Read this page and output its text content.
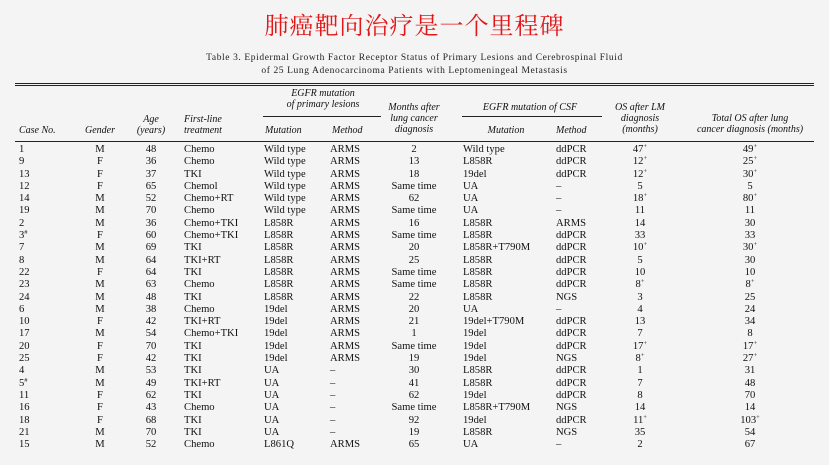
肺癌靶向治疗是一个里程碑
Table 3. Epidermal Growth Factor Receptor Status of Primary Lesions and Cerebrospinal Fluid
of 25 Lung Adenocarcinoma Patients with Leptomeningeal Metastasis
Case No.	Gender
Age
(years)
First-line
treatment
EGFR mutation
of primary lesions
Mutation	Method
Months after
lung cancer
diagnosis
EGFR mutation of CSF
Mutation	Method
OS after LM
diagnosis
(months)
Total OS after lung
cancer diagnosis (months)
1	M	48	Chemo	Wild type	ARMS	2	Wild type	ddPCR	47+	49+
9	F	36	Chemo	Wild type	ARMS	13	L858R	ddPCR	12+	25+
13	F	37	TKI	Wild type	ARMS	18	19del	ddPCR	12+	30+
12	F	65	Chemol	Wild type	ARMS	Same time	UA	–	5	5
14	M	52	Chemo+RT	Wild type	ARMS	62	UA	–	18+	80+
19	M	70	Chemo	Wild type	ARMS	Same time	UA	–	11	11
2	M	36	Chemo+TKI	L858R	ARMS	16	L858R	ARMS	14	30
3#	F	60	Chemo+TKI	L858R	ARMS	Same time	L858R	ddPCR	33	33
7	M	69	TKI	L858R	ARMS	20	L858R+T790M	ddPCR	10+	30+
8	M	64	TKI+RT	L858R	ARMS	25	L858R	ddPCR	5	30
22	F	64	TKI	L858R	ARMS	Same time	L858R	ddPCR	10	10
23	M	63	Chemo	L858R	ARMS	Same time	L858R	ddPCR	8+	8+
24	M	48	TKI	L858R	ARMS	22	L858R	NGS	3	25
6	M	38	Chemo	19del	ARMS	20	UA	–	4	24
10	F	42	TKI+RT	19del	ARMS	21	19del+T790M	ddPCR	13	34
17	M	54	Chemo+TKI	19del	ARMS	1	19del	ddPCR	7	8
20	F	70	TKI	19del	ARMS	Same time	19del	ddPCR	17+	17+
25	F	42	TKI	19del	ARMS	19	19del	NGS	8+	27+
4	M	53	TKI	UA	–	30	L858R	ddPCR	1	31
5#	M	49	TKI+RT	UA	–	41	L858R	ddPCR	7	48
11	F	62	TKI	UA	–	62	19del	ddPCR	8	70
16	F	43	Chemo	UA	–	Same time	L858R+T790M	NGS	14	14
18	F	68	TKI	UA	–	92	19del	ddPCR	11+	103+
21	M	70	TKI	UA	–	19	L858R	NGS	35	54
15	M	52	Chemo	L861Q	ARMS	65	UA	–	2	67
